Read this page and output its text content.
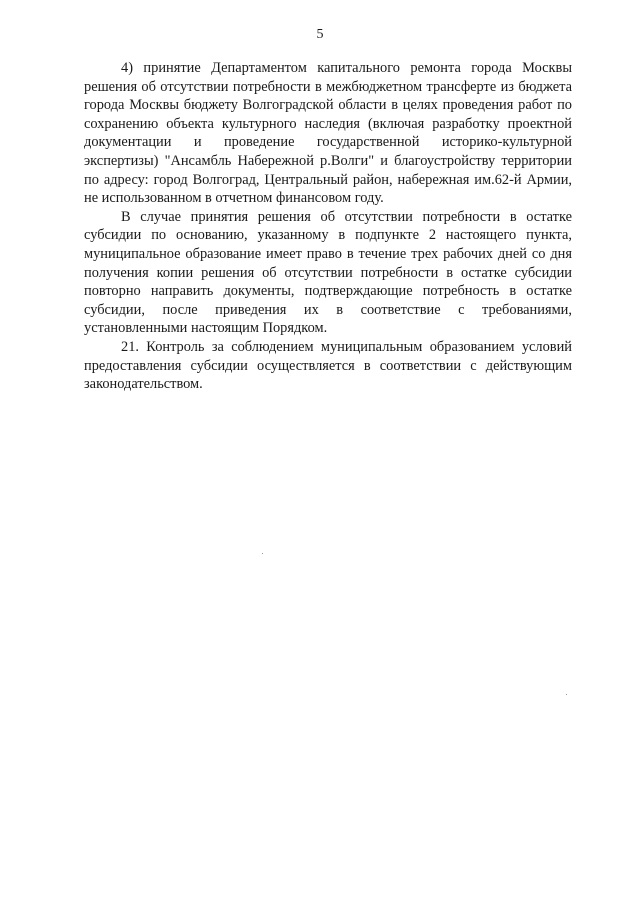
5

4) принятие Департаментом капитального ремонта города Москвы решения об отсутствии потребности в межбюджетном трансферте из бюджета города Москвы бюджету Волгоградской области в целях проведения работ по сохранению объекта культурного наследия (включая разработку проектной документации и проведение государственной историко-культурной экспертизы) "Ансамбль Набережной р.Волги" и благоустройству территории по адресу: город Волгоград, Центральный район, набережная им.62-й Армии, не использованном в отчетном финансовом году.

В случае принятия решения об отсутствии потребности в остатке субсидии по основанию, указанному в подпункте 2 настоящего пункта, муниципальное образование имеет право в течение трех рабочих дней со дня получения копии решения об отсутствии потребности в остатке субсидии повторно направить документы, подтверждающие потребность в остатке субсидии, после приведения их в соответствие с требованиями, установленными настоящим Порядком.

21. Контроль за соблюдением муниципальным образованием условий предоставления субсидии осуществляется в соответствии с действующим законодательством.
